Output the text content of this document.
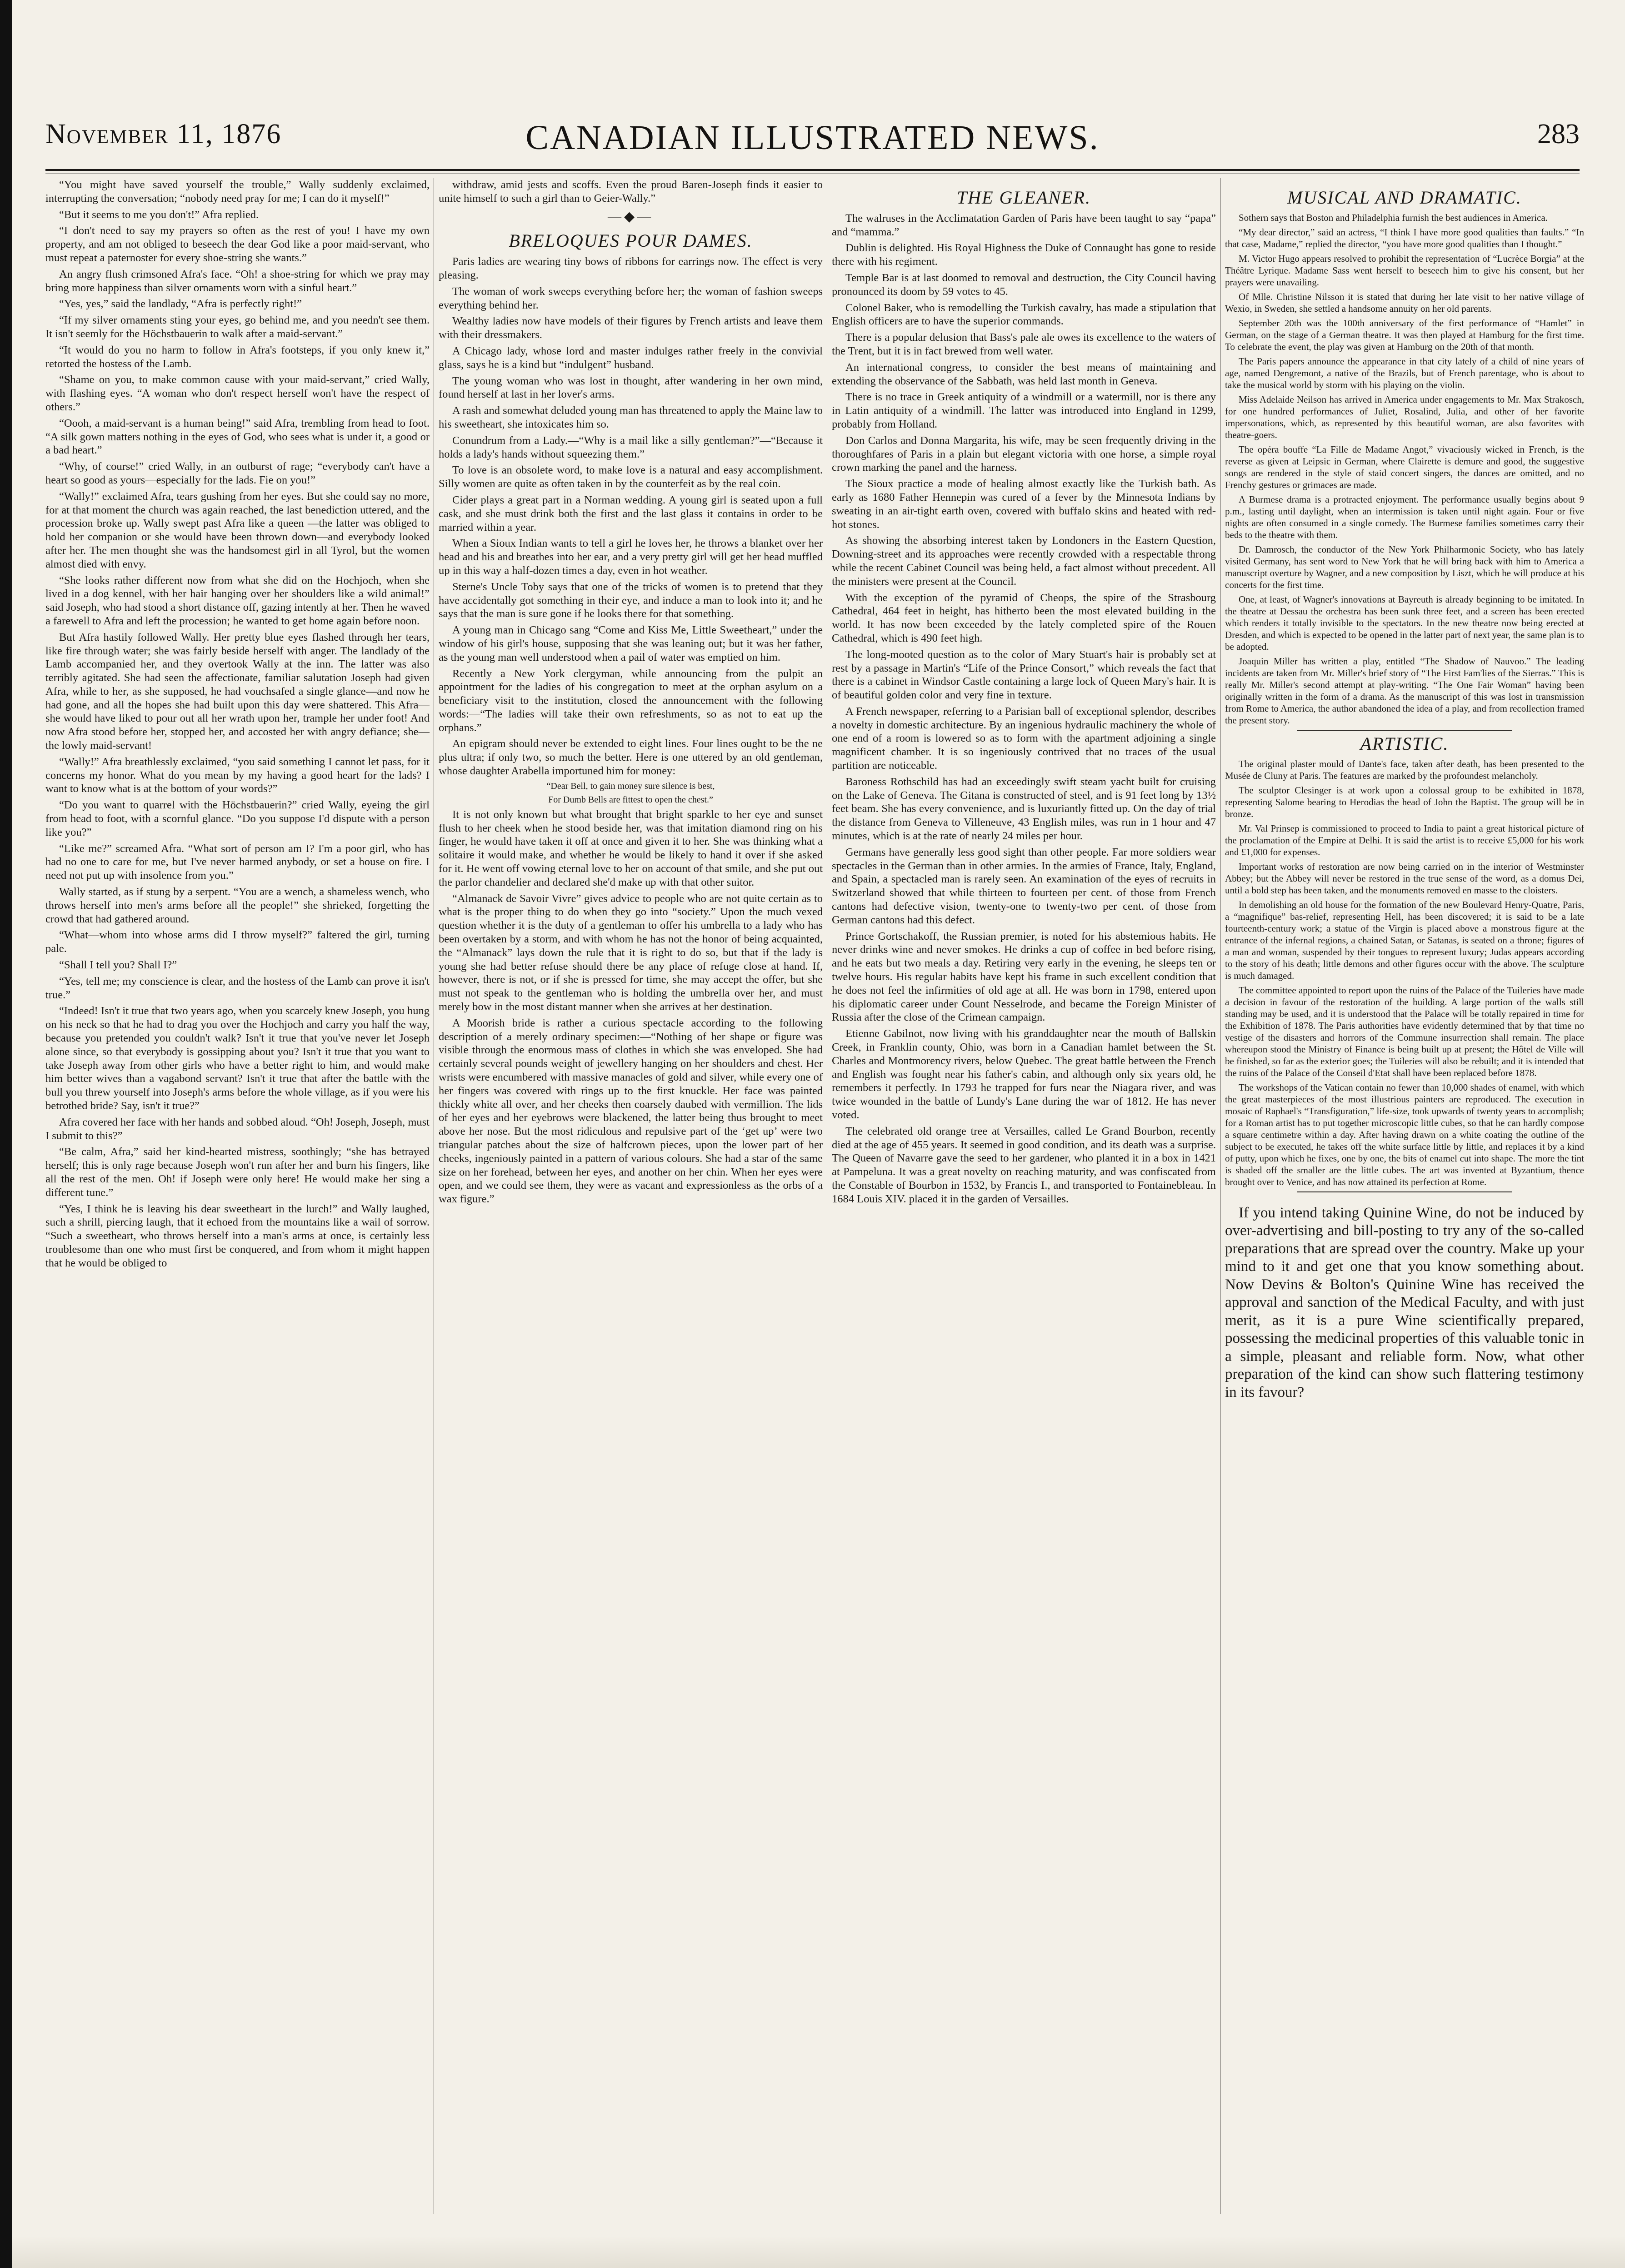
November 11, 1876	CANADIAN ILLUSTRATED NEWS.	283

“You might have saved yourself the trouble,” Wally suddenly exclaimed, interrupting the conversation; “nobody need pray for me; I can do it myself!”

“But it seems to me you don't!” Afra replied.

“I don't need to say my prayers so often as the rest of you! I have my own property, and am not obliged to beseech the dear God like a poor maid-servant, who must repeat a paternoster for every shoe-string she wants.”

An angry flush crimsoned Afra's face. “Oh! a shoe-string for which we pray may bring more happiness than silver ornaments worn with a sinful heart.”

“Yes, yes,” said the landlady, “Afra is perfectly right!”

“If my silver ornaments sting your eyes, go behind me, and you needn't see them. It isn't seemly for the Höchstbauerin to walk after a maid-servant.”

“It would do you no harm to follow in Afra's footsteps, if you only knew it,” retorted the hostess of the Lamb.

“Shame on you, to make common cause with your maid-servant,” cried Wally, with flashing eyes. “A woman who don't respect herself won't have the respect of others.”

“Oooh, a maid-servant is a human being!” said Afra, trembling from head to foot. “A silk gown matters nothing in the eyes of God, who sees what is under it, a good or a bad heart.”

“Why, of course!” cried Wally, in an outburst of rage; “everybody can't have a heart so good as yours—especially for the lads. Fie on you!”

“Wally!” exclaimed Afra, tears gushing from her eyes. But she could say no more, for at that moment the church was again reached, the last benediction uttered, and the procession broke up. Wally swept past Afra like a queen —the latter was obliged to hold her companion or she would have been thrown down—and everybody looked after her. The men thought she was the handsomest girl in all Tyrol, but the women almost died with envy.

“She looks rather different now from what she did on the Hochjoch, when she lived in a dog kennel, with her hair hanging over her shoulders like a wild animal!” said Joseph, who had stood a short distance off, gazing intently at her. Then he waved a farewell to Afra and left the procession; he wanted to get home again before noon.

But Afra hastily followed Wally. Her pretty blue eyes flashed through her tears, like fire through water; she was fairly beside herself with anger. The landlady of the Lamb accompanied her, and they overtook Wally at the inn. The latter was also terribly agitated. She had seen the affectionate, familiar salutation Joseph had given Afra, while to her, as she supposed, he had vouchsafed a single glance—and now he had gone, and all the hopes she had built upon this day were shattered. This Afra—she would have liked to pour out all her wrath upon her, trample her under foot! And now Afra stood before her, stopped her, and accosted her with angry defiance; she—the lowly maid-servant!

“Wally!” Afra breathlessly exclaimed, “you said something I cannot let pass, for it concerns my honor. What do you mean by my having a good heart for the lads? I want to know what is at the bottom of your words?”

“Do you want to quarrel with the Höchstbauerin?” cried Wally, eyeing the girl from head to foot, with a scornful glance. “Do you suppose I'd dispute with a person like you?”

“Like me?” screamed Afra. “What sort of person am I? I'm a poor girl, who has had no one to care for me, but I've never harmed anybody, or set a house on fire. I need not put up with insolence from you.”

Wally started, as if stung by a serpent. “You are a wench, a shameless wench, who throws herself into men's arms before all the people!” she shrieked, forgetting the crowd that had gathered around.

“What—whom into whose arms did I throw myself?” faltered the girl, turning pale.

“Shall I tell you? Shall I?”

“Yes, tell me; my conscience is clear, and the hostess of the Lamb can prove it isn't true.”

“Indeed! Isn't it true that two years ago, when you scarcely knew Joseph, you hung on his neck so that he had to drag you over the Hochjoch and carry you half the way, because you pretended you couldn't walk? Isn't it true that you've never let Joseph alone since, so that everybody is gossipping about you? Isn't it true that you want to take Joseph away from other girls who have a better right to him, and would make him better wives than a vagabond servant? Isn't it true that after the battle with the bull you threw yourself into Joseph's arms before the whole village, as if you were his betrothed bride? Say, isn't it true?”

Afra covered her face with her hands and sobbed aloud. “Oh! Joseph, Joseph, must I submit to this?”

“Be calm, Afra,” said her kind-hearted mistress, soothingly; “she has betrayed herself; this is only rage because Joseph won't run after her and burn his fingers, like all the rest of the men. Oh! if Joseph were only here! He would make her sing a different tune.”

“Yes, I think he is leaving his dear sweetheart in the lurch!” and Wally laughed, such a shrill, piercing laugh, that it echoed from the mountains like a wail of sorrow. “Such a sweetheart, who throws herself into a man's arms at once, is certainly less troublesome than one who must first be conquered, and from whom it might happen that he would be obliged to

withdraw, amid jests and scoffs. Even the proud Baren-Joseph finds it easier to unite himself to such a girl than to Geier-Wally.”

—◆—
BRELOQUES POUR DAMES.

Paris ladies are wearing tiny bows of ribbons for earrings now. The effect is very pleasing.

The woman of work sweeps everything before her; the woman of fashion sweeps everything behind her.

Wealthy ladies now have models of their figures by French artists and leave them with their dressmakers.

A Chicago lady, whose lord and master indulges rather freely in the convivial glass, says he is a kind but “indulgent” husband.

The young woman who was lost in thought, after wandering in her own mind, found herself at last in her lover's arms.

A rash and somewhat deluded young man has threatened to apply the Maine law to his sweetheart, she intoxicates him so.

Conundrum from a Lady.—“Why is a mail like a silly gentleman?”—“Because it holds a lady's hands without squeezing them.”

To love is an obsolete word, to make love is a natural and easy accomplishment. Silly women are quite as often taken in by the counterfeit as by the real coin.

Cider plays a great part in a Norman wedding. A young girl is seated upon a full cask, and she must drink both the first and the last glass it contains in order to be married within a year.

When a Sioux Indian wants to tell a girl he loves her, he throws a blanket over her head and his and breathes into her ear, and a very pretty girl will get her head muffled up in this way a half-dozen times a day, even in hot weather.

Sterne's Uncle Toby says that one of the tricks of women is to pretend that they have accidentally got something in their eye, and induce a man to look into it; and he says that the man is sure gone if he looks there for that something.

A young man in Chicago sang “Come and Kiss Me, Little Sweetheart,” under the window of his girl's house, supposing that she was leaning out; but it was her father, as the young man well understood when a pail of water was emptied on him.

Recently a New York clergyman, while announcing from the pulpit an appointment for the ladies of his congregation to meet at the orphan asylum on a beneficiary visit to the institution, closed the announcement with the following words:—“The ladies will take their own refreshments, so as not to eat up the orphans.”

An epigram should never be extended to eight lines. Four lines ought to be the ne plus ultra; if only two, so much the better. Here is one uttered by an old gentleman, whose daughter Arabella importuned him for money:

“Dear Bell, to gain money sure silence is best,

For Dumb Bells are fittest to open the chest.”

It is not only known but what brought that bright sparkle to her eye and sunset flush to her cheek when he stood beside her, was that imitation diamond ring on his finger, he would have taken it off at once and given it to her. She was thinking what a solitaire it would make, and whether he would be likely to hand it over if she asked for it. He went off vowing eternal love to her on account of that smile, and she put out the parlor chandelier and declared she'd make up with that other suitor.

“Almanack de Savoir Vivre” gives advice to people who are not quite certain as to what is the proper thing to do when they go into “society.” Upon the much vexed question whether it is the duty of a gentleman to offer his umbrella to a lady who has been overtaken by a storm, and with whom he has not the honor of being acquainted, the “Almanack” lays down the rule that it is right to do so, but that if the lady is young she had better refuse should there be any place of refuge close at hand. If, however, there is not, or if she is pressed for time, she may accept the offer, but she must not speak to the gentleman who is holding the umbrella over her, and must merely bow in the most distant manner when she arrives at her destination.

A Moorish bride is rather a curious spectacle according to the following description of a merely ordinary specimen:—“Nothing of her shape or figure was visible through the enormous mass of clothes in which she was enveloped. She had certainly several pounds weight of jewellery hanging on her shoulders and chest. Her wrists were encumbered with massive manacles of gold and silver, while every one of her fingers was covered with rings up to the first knuckle. Her face was painted thickly white all over, and her cheeks then coarsely daubed with vermillion. The lids of her eyes and her eyebrows were blackened, the latter being thus brought to meet above her nose. But the most ridiculous and repulsive part of the ‘get up’ were two triangular patches about the size of halfcrown pieces, upon the lower part of her cheeks, ingeniously painted in a pattern of various colours. She had a star of the same size on her forehead, between her eyes, and another on her chin. When her eyes were open, and we could see them, they were as vacant and expressionless as the orbs of a wax figure.”

THE GLEANER.

The walruses in the Acclimatation Garden of Paris have been taught to say “papa” and “mamma.”

Dublin is delighted. His Royal Highness the Duke of Connaught has gone to reside there with his regiment.

Temple Bar is at last doomed to removal and destruction, the City Council having pronounced its doom by 59 votes to 45.

Colonel Baker, who is remodelling the Turkish cavalry, has made a stipulation that English officers are to have the superior commands.

There is a popular delusion that Bass's pale ale owes its excellence to the waters of the Trent, but it is in fact brewed from well water.

An international congress, to consider the best means of maintaining and extending the observance of the Sabbath, was held last month in Geneva.

There is no trace in Greek antiquity of a windmill or a watermill, nor is there any in Latin antiquity of a windmill. The latter was introduced into England in 1299, probably from Holland.

Don Carlos and Donna Margarita, his wife, may be seen frequently driving in the thoroughfares of Paris in a plain but elegant victoria with one horse, a simple royal crown marking the panel and the harness.

The Sioux practice a mode of healing almost exactly like the Turkish bath. As early as 1680 Father Hennepin was cured of a fever by the Minnesota Indians by sweating in an air-tight earth oven, covered with buffalo skins and heated with red-hot stones.

As showing the absorbing interest taken by Londoners in the Eastern Question, Downing-street and its approaches were recently crowded with a respectable throng while the recent Cabinet Council was being held, a fact almost without precedent. All the ministers were present at the Council.

With the exception of the pyramid of Cheops, the spire of the Strasbourg Cathedral, 464 feet in height, has hitherto been the most elevated building in the world. It has now been exceeded by the lately completed spire of the Rouen Cathedral, which is 490 feet high.

The long-mooted question as to the color of Mary Stuart's hair is probably set at rest by a passage in Martin's “Life of the Prince Consort,” which reveals the fact that there is a cabinet in Windsor Castle containing a large lock of Queen Mary's hair. It is of beautiful golden color and very fine in texture.

A French newspaper, referring to a Parisian ball of exceptional splendor, describes a novelty in domestic architecture. By an ingenious hydraulic machinery the whole of one end of a room is lowered so as to form with the apartment adjoining a single magnificent chamber. It is so ingeniously contrived that no traces of the usual partition are noticeable.

Baroness Rothschild has had an exceedingly swift steam yacht built for cruising on the Lake of Geneva. The Gitana is constructed of steel, and is 91 feet long by 13½ feet beam. She has every convenience, and is luxuriantly fitted up. On the day of trial the distance from Geneva to Villeneuve, 43 English miles, was run in 1 hour and 47 minutes, which is at the rate of nearly 24 miles per hour.

Germans have generally less good sight than other people. Far more soldiers wear spectacles in the German than in other armies. In the armies of France, Italy, England, and Spain, a spectacled man is rarely seen. An examination of the eyes of recruits in Switzerland showed that while thirteen to fourteen per cent. of those from French cantons had defective vision, twenty-one to twenty-two per cent. of those from German cantons had this defect.

Prince Gortschakoff, the Russian premier, is noted for his abstemious habits. He never drinks wine and never smokes. He drinks a cup of coffee in bed before rising, and he eats but two meals a day. Retiring very early in the evening, he sleeps ten or twelve hours. His regular habits have kept his frame in such excellent condition that he does not feel the infirmities of old age at all. He was born in 1798, entered upon his diplomatic career under Count Nesselrode, and became the Foreign Minister of Russia after the close of the Crimean campaign.

Etienne Gabilnot, now living with his granddaughter near the mouth of Ballskin Creek, in Franklin county, Ohio, was born in a Canadian hamlet between the St. Charles and Montmorency rivers, below Quebec. The great battle between the French and English was fought near his father's cabin, and although only six years old, he remembers it perfectly. In 1793 he trapped for furs near the Niagara river, and was twice wounded in the battle of Lundy's Lane during the war of 1812. He has never voted.

The celebrated old orange tree at Versailles, called Le Grand Bourbon, recently died at the age of 455 years. It seemed in good condition, and its death was a surprise. The Queen of Navarre gave the seed to her gardener, who planted it in a box in 1421 at Pampeluna. It was a great novelty on reaching maturity, and was confiscated from the Constable of Bourbon in 1532, by Francis I., and transported to Fontainebleau. In 1684 Louis XIV. placed it in the garden of Versailles.

MUSICAL AND DRAMATIC.

Sothern says that Boston and Philadelphia furnish the best audiences in America.

“My dear director,” said an actress, “I think I have more good qualities than faults.” “In that case, Madame,” replied the director, “you have more good qualities than I thought.”

M. Victor Hugo appears resolved to prohibit the representation of “Lucrèce Borgia” at the Théâtre Lyrique. Madame Sass went herself to beseech him to give his consent, but her prayers were unavailing.

Of Mlle. Christine Nilsson it is stated that during her late visit to her native village of Wexio, in Sweden, she settled a handsome annuity on her old parents.

September 20th was the 100th anniversary of the first performance of “Hamlet” in German, on the stage of a German theatre. It was then played at Hamburg for the first time. To celebrate the event, the play was given at Hamburg on the 20th of that month.

The Paris papers announce the appearance in that city lately of a child of nine years of age, named Dengremont, a native of the Brazils, but of French parentage, who is about to take the musical world by storm with his playing on the violin.

Miss Adelaide Neilson has arrived in America under engagements to Mr. Max Strakosch, for one hundred performances of Juliet, Rosalind, Julia, and other of her favorite impersonations, which, as represented by this beautiful woman, are also favorites with theatre-goers.

The opéra bouffe “La Fille de Madame Angot,” vivaciously wicked in French, is the reverse as given at Leipsic in German, where Clairette is demure and good, the suggestive songs are rendered in the style of staid concert singers, the dances are omitted, and no Frenchy gestures or grimaces are made.

A Burmese drama is a protracted enjoyment. The performance usually begins about 9 p.m., lasting until daylight, when an intermission is taken until night again. Four or five nights are often consumed in a single comedy. The Burmese families sometimes carry their beds to the theatre with them.

Dr. Damrosch, the conductor of the New York Philharmonic Society, who has lately visited Germany, has sent word to New York that he will bring back with him to America a manuscript overture by Wagner, and a new composition by Liszt, which he will produce at his concerts for the first time.

One, at least, of Wagner's innovations at Bayreuth is already beginning to be imitated. In the theatre at Dessau the orchestra has been sunk three feet, and a screen has been erected which renders it totally invisible to the spectators. In the new theatre now being erected at Dresden, and which is expected to be opened in the latter part of next year, the same plan is to be adopted.

Joaquin Miller has written a play, entitled “The Shadow of Nauvoo.” The leading incidents are taken from Mr. Miller's brief story of “The First Fam'lies of the Sierras.” This is really Mr. Miller's second attempt at play-writing. “The One Fair Woman” having been originally written in the form of a drama. As the manuscript of this was lost in transmission from Rome to America, the author abandoned the idea of a play, and from recollection framed the present story.

ARTISTIC.

The original plaster mould of Dante's face, taken after death, has been presented to the Musée de Cluny at Paris. The features are marked by the profoundest melancholy.

The sculptor Clesinger is at work upon a colossal group to be exhibited in 1878, representing Salome bearing to Herodias the head of John the Baptist. The group will be in bronze.

Mr. Val Prinsep is commissioned to proceed to India to paint a great historical picture of the proclamation of the Empire at Delhi. It is said the artist is to receive £5,000 for his work and £1,000 for expenses.

Important works of restoration are now being carried on in the interior of Westminster Abbey; but the Abbey will never be restored in the true sense of the word, as a domus Dei, until a bold step has been taken, and the monuments removed en masse to the cloisters.

In demolishing an old house for the formation of the new Boulevard Henry-Quatre, Paris, a “magnifique” bas-relief, representing Hell, has been discovered; it is said to be a late fourteenth-century work; a statue of the Virgin is placed above a monstrous figure at the entrance of the infernal regions, a chained Satan, or Satanas, is seated on a throne; figures of a man and woman, suspended by their tongues to represent luxury; Judas appears according to the story of his death; little demons and other figures occur with the above. The sculpture is much damaged.

The committee appointed to report upon the ruins of the Palace of the Tuileries have made a decision in favour of the restoration of the building. A large portion of the walls still standing may be used, and it is understood that the Palace will be totally repaired in time for the Exhibition of 1878. The Paris authorities have evidently determined that by that time no vestige of the disasters and horrors of the Commune insurrection shall remain. The place whereupon stood the Ministry of Finance is being built up at present; the Hôtel de Ville will be finished, so far as the exterior goes; the Tuileries will also be rebuilt; and it is intended that the ruins of the Palace of the Conseil d'Etat shall have been replaced before 1878.

The workshops of the Vatican contain no fewer than 10,000 shades of enamel, with which the great masterpieces of the most illustrious painters are reproduced. The execution in mosaic of Raphael's “Transfiguration,” life-size, took upwards of twenty years to accomplish; for a Roman artist has to put together microscopic little cubes, so that he can hardly compose a square centimetre within a day. After having drawn on a white coating the outline of the subject to be executed, he takes off the white surface little by little, and replaces it by a kind of putty, upon which he fixes, one by one, the bits of enamel cut into shape. The more the tint is shaded off the smaller are the little cubes. The art was invented at Byzantium, thence brought over to Venice, and has now attained its perfection at Rome.

If you intend taking Quinine Wine, do not be induced by over-advertising and bill-posting to try any of the so-called preparations that are spread over the country. Make up your mind to it and get one that you know something about. Now Devins & Bolton's Quinine Wine has received the approval and sanction of the Medical Faculty, and with just merit, as it is a pure Wine scientifically prepared, possessing the medicinal properties of this valuable tonic in a simple, pleasant and reliable form. Now, what other preparation of the kind can show such flattering testimony in its favour?
